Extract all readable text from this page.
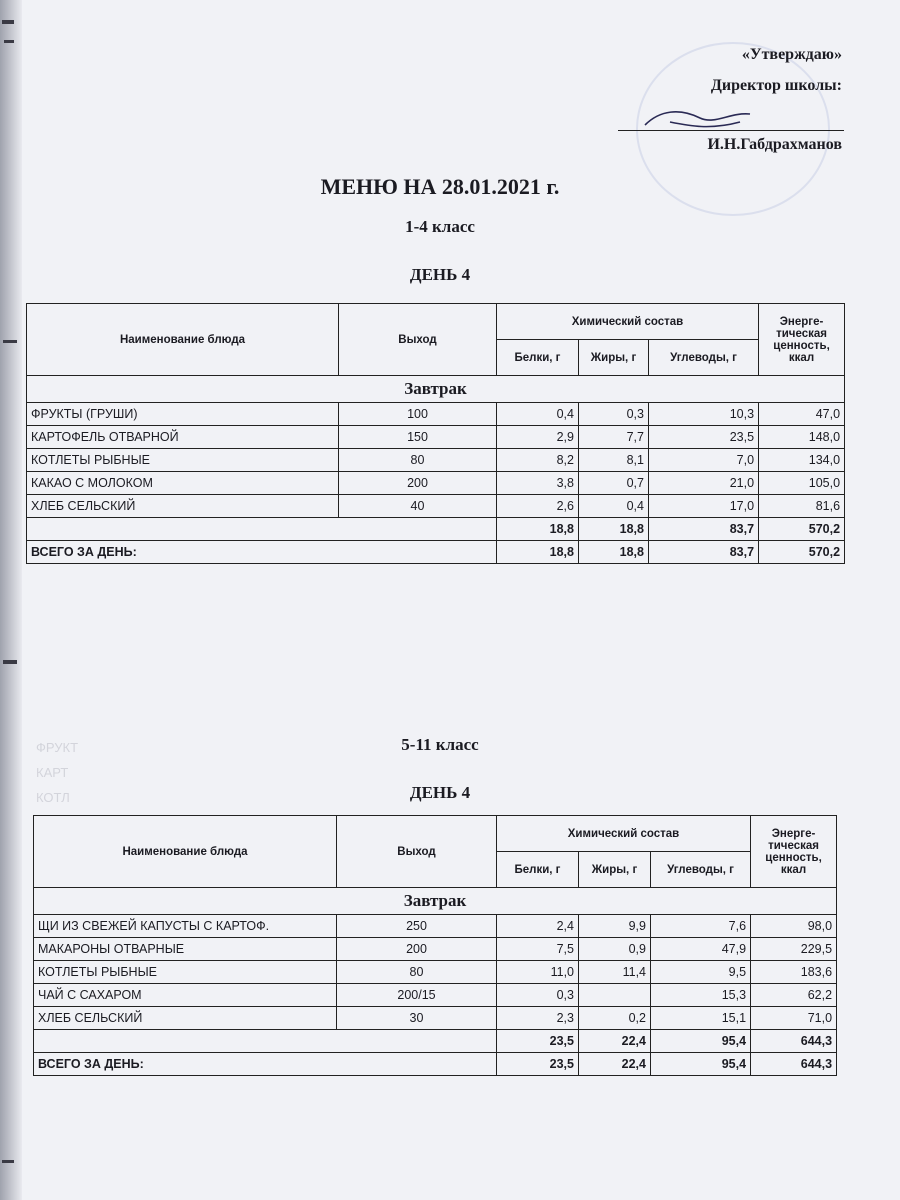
«Утверждаю»
Директор школы:
И.Н.Габдрахманов
МЕНЮ НА 28.01.2021 г.
1-4 класс
ДЕНЬ 4
Наименование блюда	Выход	Химический состав			Энерге-тическая ценность, ккал
		Белки, г	Жиры, г	Углеводы, г	
Завтрак					
ФРУКТЫ (ГРУШИ)	100	0,4	0,3	10,3	47,0
КАРТОФЕЛЬ ОТВАРНОЙ	150	2,9	7,7	23,5	148,0
КОТЛЕТЫ РЫБНЫЕ	80	8,2	8,1	7,0	134,0
КАКАО С МОЛОКОМ	200	3,8	0,7	21,0	105,0
ХЛЕБ СЕЛЬСКИЙ	40	2,6	0,4	17,0	81,6
		18,8	18,8	83,7	570,2
ВСЕГО ЗА ДЕНЬ:		18,8	18,8	83,7	570,2
ФРУКТ
КАРТ
КОТЛ
5-11 класс
ДЕНЬ 4
Наименование блюда	Выход	Химический состав			Энерге-тическая ценность, ккал
		Белки, г	Жиры, г	Углеводы, г	
Завтрак					
ЩИ ИЗ СВЕЖЕЙ КАПУСТЫ С КАРТОФ.	250	2,4	9,9	7,6	98,0
МАКАРОНЫ ОТВАРНЫЕ	200	7,5	0,9	47,9	229,5
КОТЛЕТЫ РЫБНЫЕ	80	11,0	11,4	9,5	183,6
ЧАЙ С САХАРОМ	200/15	0,3		15,3	62,2
ХЛЕБ СЕЛЬСКИЙ	30	2,3	0,2	15,1	71,0
		23,5	22,4	95,4	644,3
ВСЕГО ЗА ДЕНЬ:		23,5	22,4	95,4	644,3
